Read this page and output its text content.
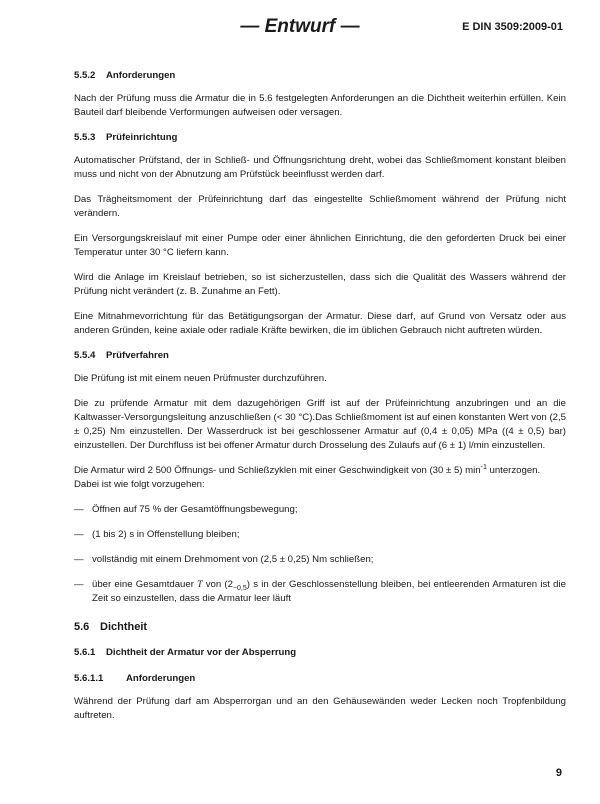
— Entwurf —	E DIN 3509:2009-01
5.5.2 Anforderungen

Nach der Prüfung muss die Armatur die in 5.6 festgelegten Anforderungen an die Dichtheit weiterhin erfüllen. Kein Bauteil darf bleibende Verformungen aufweisen oder versagen.

5.5.3 Prüfeinrichtung

Automatischer Prüfstand, der in Schließ- und Öffnungsrichtung dreht, wobei das Schließmoment konstant bleiben muss und nicht von der Abnutzung am Prüfstück beeinflusst werden darf.

Das Trägheitsmoment der Prüfeinrichtung darf das eingestellte Schließmoment während der Prüfung nicht verändern.

Ein Versorgungskreislauf mit einer Pumpe oder einer ähnlichen Einrichtung, die den geforderten Druck bei einer Temperatur unter 30 °C liefern kann.

Wird die Anlage im Kreislauf betrieben, so ist sicherzustellen, dass sich die Qualität des Wassers während der Prüfung nicht verändert (z. B. Zunahme an Fett).

Eine Mitnahmevorrichtung für das Betätigungsorgan der Armatur. Diese darf, auf Grund von Versatz oder aus anderen Gründen, keine axiale oder radiale Kräfte bewirken, die im üblichen Gebrauch nicht auftreten würden.

5.5.4 Prüfverfahren

Die Prüfung ist mit einem neuen Prüfmuster durchzuführen.

Die zu prüfende Armatur mit dem dazugehörigen Griff ist auf der Prüfeinrichtung anzubringen und an die Kaltwasser-Versorgungsleitung anzuschließen (< 30 °C).Das Schließmoment ist auf einen konstanten Wert von (2,5 ± 0,25) Nm einzustellen. Der Wasserdruck ist bei geschlossener Armatur auf (0,4 ± 0,05) MPa ((4 ± 0,5) bar) einzustellen. Der Durchfluss ist bei offener Armatur durch Drosselung des Zulaufs auf (6 ± 1) l/min einzustellen.

Die Armatur wird 2 500 Öffnungs- und Schließzyklen mit einer Geschwindigkeit von (30 ± 5) $\min^{-1}$ unterzogen.
Dabei ist wie folgt vorzugehen:

— Öffnen auf 75 % der Gesamtöffnungsbewegung;
— (1 bis 2) s in Offenstellung bleiben;
— vollständig mit einem Drehmoment von (2,5 ± 0,25) Nm schließen;
— über eine Gesamtdauer T von $(2_{-0,5})$ s in der Geschlossenstellung bleiben, bei entleerenden Armaturen ist die Zeit so einzustellen, dass die Armatur leer läuft
5.6 Dichtheit
5.6.1 Dichtheit der Armatur vor der Absperrung
5.6.1.1 Anforderungen

Während der Prüfung darf am Absperrorgan und an den Gehäusewänden weder Lecken noch Tropfenbildung auftreten.

9
